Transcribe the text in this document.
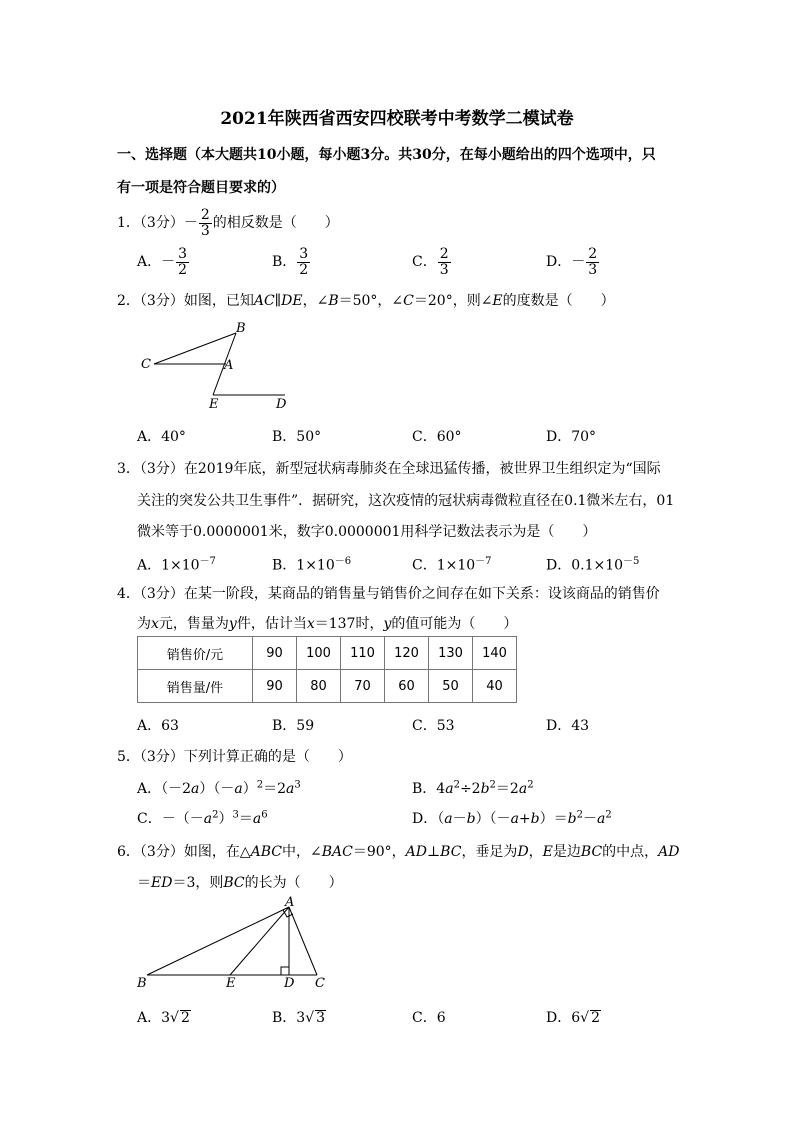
2021年陕西省西安四校联考中考数学二模试卷
一、选择题（本大题共10小题，每小题3分。共30分，在每小题给出的四个选项中，只
有一项是符合题目要求的）
1．（3分）－ $\frac{2}{3}$ 的相反数是（　　）
A．－ $\frac{3}{2}$	B． $\frac{3}{2}$	C． $\frac{2}{3}$	D．－ $\frac{2}{3}$
2．（3分）如图，已知AC∥DE，∠B＝50°，∠C＝20°，则∠E的度数是（　　）
B
C	A
E	D
A．40°	B．50°	C．60°	D．70°
3．（3分）在2019年底，新型冠状病毒肺炎在全球迅猛传播，被世界卫生组织定为“国际
关注的突发公共卫生事件”．据研究，这次疫情的冠状病毒微粒直径在0.1微米左右，01
微米等于0.0000001米，数字0.0000001用科学记数法表示为是（　　）
A．$1\times 10^{-7}$	B．$1\times 10^{-6}$	C．$1\times 10^{-7}$	D．$0.1\times 10^{-5}$
4．（3分）在某一阶段，某商品的销售量与销售价之间存在如下关系：设该商品的销售价
为x元，售量为y件，估计当x＝137时，y的值可能为（　　）
销售价/元	90	100	110	120	130	140
销售量/件	90	80	70	60	50	40
A．63	B．59	C．53	D．43
5．（3分）下列计算正确的是（　　）
A．$(-2a)(-a)^2=2a^3$	B．$4a^2\div 2b^2=2a^2$
C．$-(-a^2)^3=a^6$	D．$(a-b)(-a+b)=b^2-a^2$
6．（3分）如图，在△ABC中，∠BAC＝90°，AD⊥BC，垂足为D，E是边BC的中点，AD
＝ED＝3，则BC的长为（　　）
A
B	E	D C
A．3√ 2	B．3√ 3	C．6	D．6√ 2
